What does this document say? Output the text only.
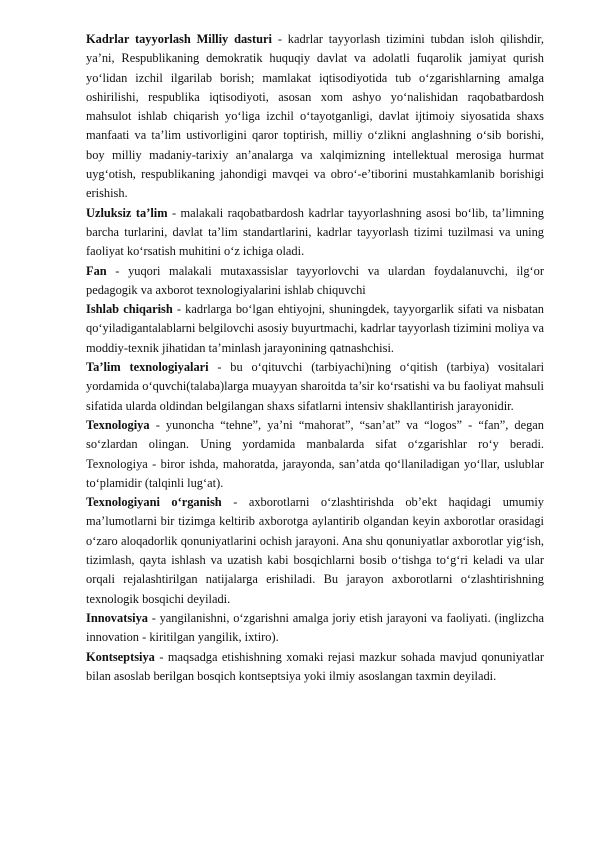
Kadrlar tayyorlash Milliy dasturi - kadrlar tayyorlash tizimini tubdan isloh qilishdir, ya’ni, Respublikaning demokratik huquqiy davlat va adolatli fuqarolik jamiyat qurish yo‘lidan izchil ilgarilab borish; mamlakat iqtisodiyotida tub o‘zgarishlarning amalga oshirilishi, respublika iqtisodiyoti, asosan xom ashyo yo‘nalishidan raqobatbardosh mahsulot ishlab chiqarish yo‘liga izchil o‘tayotganligi, davlat ijtimoiy siyosatida shaxs manfaati va ta’lim ustivorligini qaror toptirish, milliy o‘zlikni anglashning o‘sib borishi, boy milliy madaniy-tarixiy an’analarga va xalqimizning intellektual merosiga hurmat uyg‘otish, respublikaning jahondigi mavqei va obro‘-e’tiborini mustahkamlanib borishigi erishish.

Uzluksiz ta’lim - malakali raqobatbardosh kadrlar tayyorlashning asosi bo‘lib, ta’limning barcha turlarini, davlat ta’lim standartlarini, kadrlar tayyorlash tizimi tuzilmasi va uning faoliyat ko‘rsatish muhitini o‘z ichiga oladi.

Fan - yuqori malakali mutaxassislar tayyorlovchi va ulardan foydalanuvchi, ilg‘or pedagogik va axborot texnologiyalarini ishlab chiquvchi

Ishlab chiqarish - kadrlarga bo‘lgan ehtiyojni, shuningdek, tayyorgarlik sifati va nisbatan qo‘yiladigantalablarni belgilovchi asosiy buyurtmachi, kadrlar tayyorlash tizimini moliya va moddiy-texnik jihatidan ta’minlash jarayonining qatnashchisi.

Ta’lim texnologiyalari - bu o‘qituvchi (tarbiyachi)ning o‘qitish (tarbiya) vositalari yordamida o‘quvchi(talaba)larga muayyan sharoitda ta’sir ko‘rsatishi va bu faoliyat mahsuli sifatida ularda oldindan belgilangan shaxs sifatlarni intensiv shakllantirish jarayonidir.

Texnologiya - yunoncha “tehne”, ya’ni “mahorat”, “san’at” va “logos” - “fan”, degan so‘zlardan olingan. Uning yordamida manbalarda sifat o‘zgarishlar ro‘y beradi. Texnologiya - biror ishda, mahoratda, jarayonda, san’atda qo‘llaniladigan yo‘llar, uslublar to‘plamidir (talqinli lug‘at).

Texnologiyani o‘rganish - axborotlarni o‘zlashtirishda ob’ekt haqidagi umumiy ma’lumotlarni bir tizimga keltirib axborotga aylantirib olgandan keyin axborotlar orasidagi o‘zaro aloqadorlik qonuniyatlarini ochish jarayoni. Ana shu qonuniyatlar axborotlar yig‘ish, tizimlash, qayta ishlash va uzatish kabi bosqichlarni bosib o‘tishga to‘g‘ri keladi va ular orqali rejalashtirilgan natijalarga erishiladi. Bu jarayon axborotlarni o‘zlashtirishning texnologik bosqichi deyiladi.

Innovatsiya - yangilanishni, o‘zgarishni amalga joriy etish jarayoni va faoliyati. (inglizcha innovation - kiritilgan yangilik, ixtiro).

Kontseptsiya - maqsadga etishishning xomaki rejasi mazkur sohada mavjud qonuniyatlar bilan asoslab berilgan bosqich kontseptsiya yoki ilmiy asoslangan taxmin deyiladi.
